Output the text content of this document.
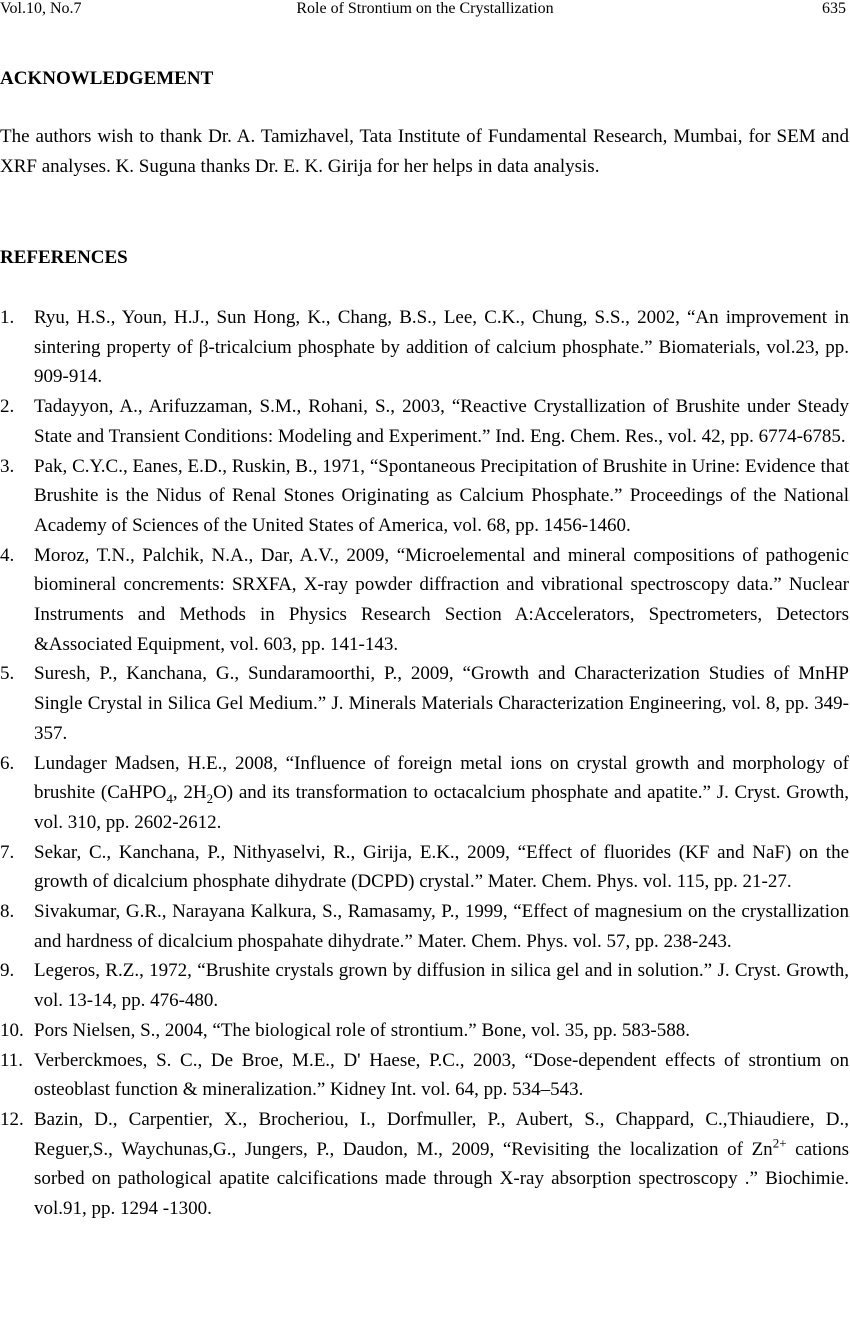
Vol.10, No.7	Role of Strontium on the Crystallization	635
ACKNOWLEDGEMENT
The authors wish to thank Dr. A. Tamizhavel, Tata Institute of Fundamental Research, Mumbai, for SEM and XRF analyses. K. Suguna thanks Dr. E. K. Girija for her helps in data analysis.
REFERENCES
1. Ryu, H.S., Youn, H.J., Sun Hong, K., Chang, B.S., Lee, C.K., Chung, S.S., 2002, “An improvement in sintering property of β-tricalcium phosphate by addition of calcium phosphate.” Biomaterials, vol.23, pp. 909-914.
2. Tadayyon, A., Arifuzzaman, S.M., Rohani, S., 2003, “Reactive Crystallization of Brushite under Steady State and Transient Conditions: Modeling and Experiment.” Ind. Eng. Chem. Res., vol. 42, pp. 6774-6785.
3. Pak, C.Y.C., Eanes, E.D., Ruskin, B., 1971, “Spontaneous Precipitation of Brushite in Urine: Evidence that Brushite is the Nidus of Renal Stones Originating as Calcium Phosphate.” Proceedings of the National Academy of Sciences of the United States of America, vol. 68, pp. 1456-1460.
4. Moroz, T.N., Palchik, N.A., Dar, A.V., 2009, “Microelemental and mineral compositions of pathogenic biomineral concrements: SRXFA, X-ray powder diffraction and vibrational spectroscopy data.” Nuclear Instruments and Methods in Physics Research Section A:Accelerators, Spectrometers, Detectors &Associated Equipment, vol. 603, pp. 141-143.
5. Suresh, P., Kanchana, G., Sundaramoorthi, P., 2009, “Growth and Characterization Studies of MnHP Single Crystal in Silica Gel Medium.” J. Minerals Materials Characterization Engineering, vol. 8, pp. 349-357.
6. Lundager Madsen, H.E., 2008, “Influence of foreign metal ions on crystal growth and morphology of brushite (CaHPO$_4$, $2H_2O$) and its transformation to octacalcium phosphate and apatite.” J. Cryst. Growth, vol. 310, pp. 2602-2612.
7. Sekar, C., Kanchana, P., Nithyaselvi, R., Girija, E.K., 2009, “Effect of fluorides (KF and NaF) on the growth of dicalcium phosphate dihydrate (DCPD) crystal.” Mater. Chem. Phys. vol. 115, pp. 21-27.
8. Sivakumar, G.R., Narayana Kalkura, S., Ramasamy, P., 1999, “Effect of magnesium on the crystallization and hardness of dicalcium phospahate dihydrate.” Mater. Chem. Phys. vol. 57, pp. 238-243.
9. Legeros, R.Z., 1972, “Brushite crystals grown by diffusion in silica gel and in solution.” J. Cryst. Growth, vol. 13-14, pp. 476-480.
10. Pors Nielsen, S., 2004, “The biological role of strontium.” Bone, vol. 35, pp. 583-588.
11. Verberckmoes, S. C., De Broe, M.E., D' Haese, P.C., 2003, “Dose-dependent effects of strontium on osteoblast function & mineralization.” Kidney Int. vol. 64, pp. 534–543.
12. Bazin, D., Carpentier, X., Brocheriou, I., Dorfmuller, P., Aubert, S., Chappard, C.,Thiaudiere, D., Reguer,S., Waychunas,G., Jungers, P., Daudon, M., 2009, “Revisiting the localization of $Zn^{2+}$ cations sorbed on pathological apatite calcifications made through X-ray absorption spectroscopy .” Biochimie. vol.91, pp. 1294 -1300.
